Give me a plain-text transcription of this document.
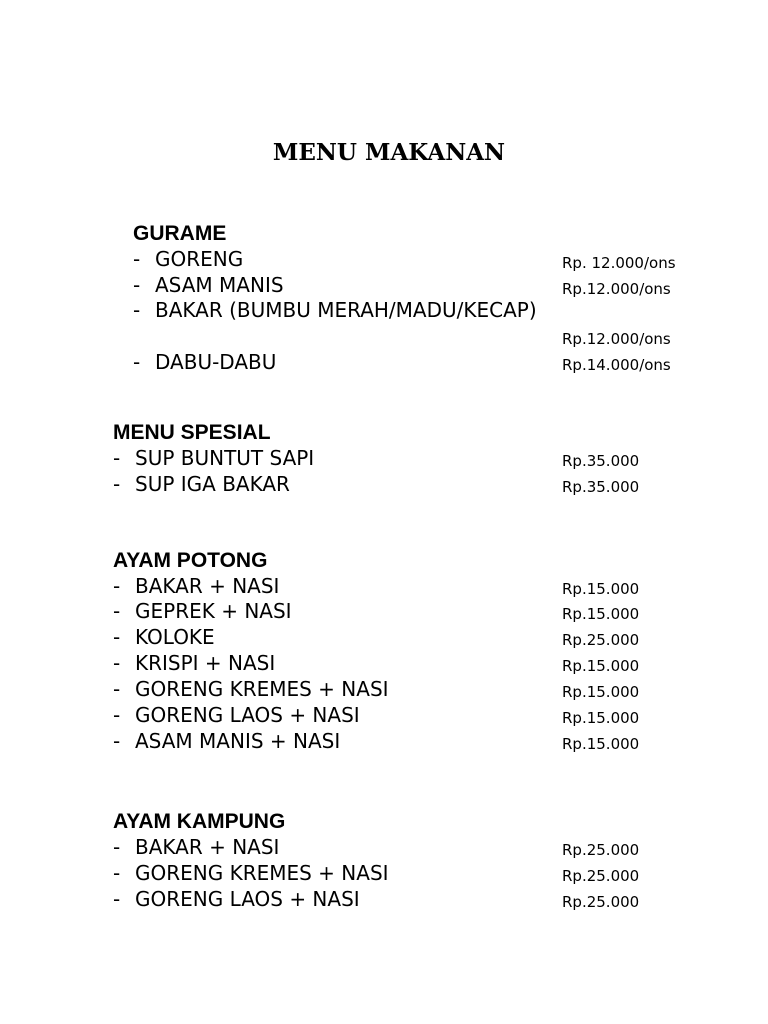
MENU MAKANAN
GURAME
- GORENG	Rp. 12.000/ons
- ASAM MANIS	Rp.12.000/ons
- BAKAR (BUMBU MERAH/MADU/KECAP)
Rp.12.000/ons
- DABU-DABU	Rp.14.000/ons
MENU SPESIAL
- SUP BUNTUT SAPI	Rp.35.000
- SUP IGA BAKAR	Rp.35.000
AYAM POTONG
- BAKAR + NASI	Rp.15.000
- GEPREK + NASI	Rp.15.000
- KOLOKE	Rp.25.000
- KRISPI + NASI	Rp.15.000
- GORENG KREMES + NASI	Rp.15.000
- GORENG LAOS + NASI	Rp.15.000
- ASAM MANIS + NASI	Rp.15.000
AYAM KAMPUNG
- BAKAR + NASI	Rp.25.000
- GORENG KREMES + NASI	Rp.25.000
- GORENG LAOS + NASI	Rp.25.000
